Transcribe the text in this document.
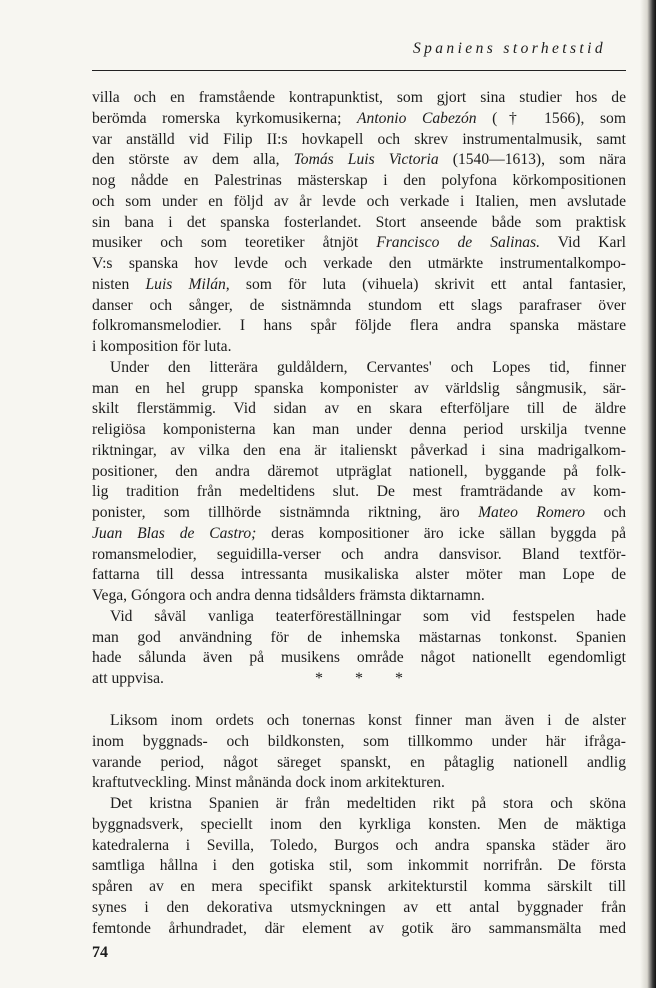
Spaniens storhetstid
villa och en framstående kontrapunktist, som gjort sina studier hos de
berömda romerska kyrkomusikerna; Antonio Cabezón († 1566), som
var anställd vid Filip II:s hovkapell och skrev instrumentalmusik, samt
den störste av dem alla, Tomás Luis Victoria (1540—1613), som nära
nog nådde en Palestrinas mästerskap i den polyfona körkompositionen
och som under en följd av år levde och verkade i Italien, men avslutade
sin bana i det spanska fosterlandet. Stort anseende både som praktisk
musiker och som teoretiker åtnjöt Francisco de Salinas. Vid Karl
V:s spanska hov levde och verkade den utmärkte instrumentalkompo-
nisten Luis Milán, som för luta (vihuela) skrivit ett antal fantasier,
danser och sånger, de sistnämnda stundom ett slags parafraser över
folkromansmelodier. I hans spår följde flera andra spanska mästare
i komposition för luta.
Under den litterära guldåldern, Cervantes' och Lopes tid, finner
man en hel grupp spanska komponister av världslig sångmusik, sär-
skilt flerstämmig. Vid sidan av en skara efterföljare till de äldre
religiösa komponisterna kan man under denna period urskilja tvenne
riktningar, av vilka den ena är italienskt påverkad i sina madrigalkom-
positioner, den andra däremot utpräglat nationell, byggande på folk-
lig tradition från medeltidens slut. De mest framträdande av kom-
ponister, som tillhörde sistnämnda riktning, äro Mateo Romero och
Juan Blas de Castro; deras kompositioner äro icke sällan byggda på
romansmelodier, seguidilla-verser och andra dansvisor. Bland textför-
fattarna till dessa intressanta musikaliska alster möter man Lope de
Vega, Góngora och andra denna tidsålders främsta diktarnamn.
Vid såväl vanliga teaterföreställningar som vid festspelen hade
man god användning för de inhemska mästarnas tonkonst. Spanien
hade sålunda även på musikens område något nationellt egendomligt
att uppvisa.	* * *
Liksom inom ordets och tonernas konst finner man även i de alster
inom byggnads- och bildkonsten, som tillkommo under här ifråga-
varande period, något säreget spanskt, en påtaglig nationell andlig
kraftutveckling. Minst månända dock inom arkitekturen.
Det kristna Spanien är från medeltiden rikt på stora och sköna
byggnadsverk, speciellt inom den kyrkliga konsten. Men de mäktiga
katedralerna i Sevilla, Toledo, Burgos och andra spanska städer äro
samtliga hållna i den gotiska stil, som inkommit norrifrån. De första
spåren av en mera specifikt spansk arkitekturstil komma särskilt till
synes i den dekorativa utsmyckningen av ett antal byggnader från
femtonde århundradet, där element av gotik äro sammansmälta med
74
